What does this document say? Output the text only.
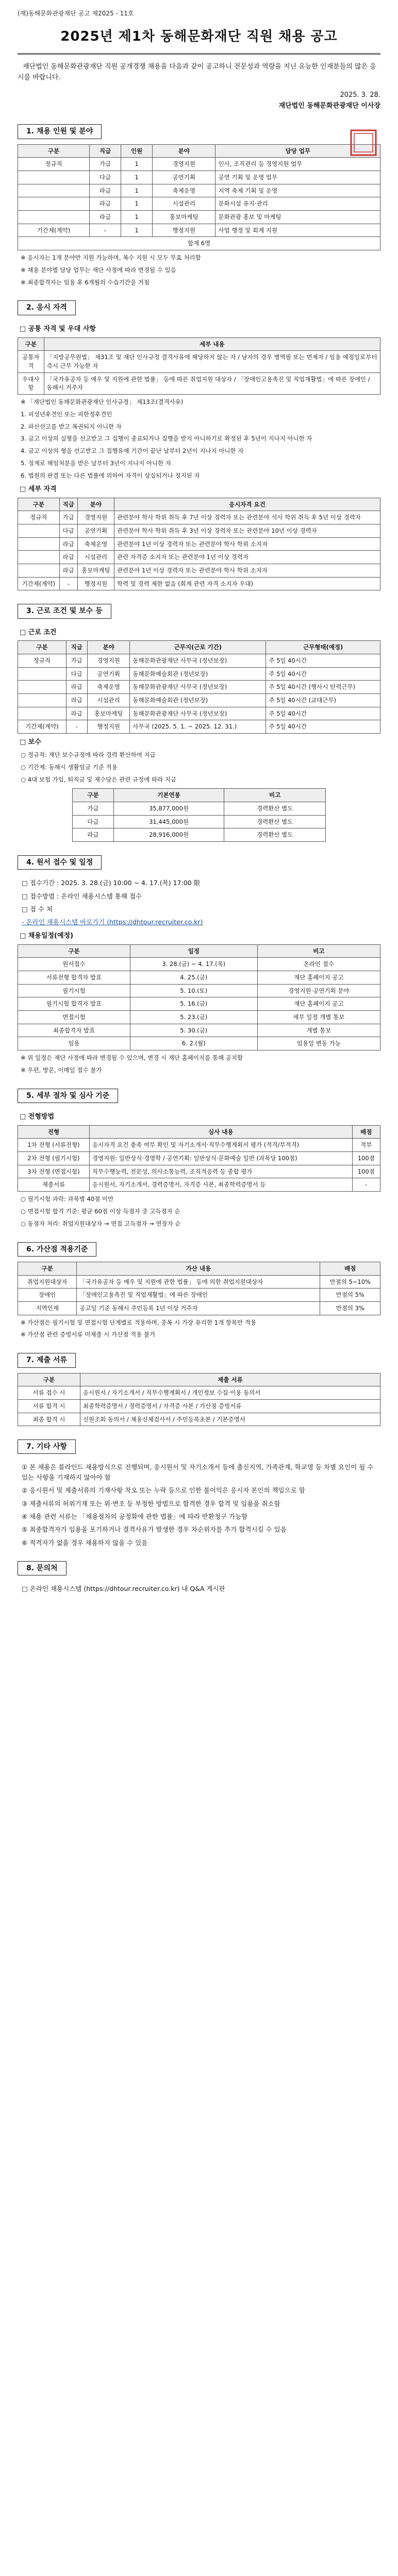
(재)동해문화관광재단 공고 제2025 - 11호
2025년 제1차 동해문화재단 직원 채용 공고
재단법인 동해문화관광재단 직원 공개경쟁 채용을 다음과 같이 공고하니 전문성과 역량을 지닌 유능한 인재분들의 많은 응시를 바랍니다.
2025. 3. 28.
재단법인 동해문화관광재단 이사장
1. 채용 인원 및 분야
구분	직급	인원	분야	담당 업무
정규직	가급	1	경영지원	인사, 조직관리 등 경영지원 업무
	다급	1	공연기획	공연 기획 및 운영 업무
	라급	1	축제운영	지역 축제 기획 및 운영
	라급	1	시설관리	문화시설 유지·관리
	라급	1	홍보마케팅	문화관광 홍보 및 마케팅
기간제(계약)	-	1	행정지원	사업 행정 및 회계 지원
합계 6명				
※ 응시자는 1개 분야만 지원 가능하며, 복수 지원 시 모두 무효 처리함
※ 채용 분야별 담당 업무는 재단 사정에 따라 변경될 수 있음
※ 최종합격자는 임용 후 6개월의 수습기간을 거침
2. 응시 자격
□ 공통 자격 및 우대 사항
구분	세부 내용
공통자격	「지방공무원법」 제31조 및 재단 인사규정 결격사유에 해당하지 않는 자 / 남자의 경우 병역필 또는 면제자 / 임용 예정일로부터 즉시 근무 가능한 자
우대사항	「국가유공자 등 예우 및 지원에 관한 법률」 등에 따른 취업지원 대상자 / 「장애인고용촉진 및 직업재활법」에 따른 장애인 / 동해시 거주자
※ 「재단법인 동해문화관광재단 인사규정」 제13조(결격사유)
1. 피성년후견인 또는 피한정후견인
2. 파산선고를 받고 복권되지 아니한 자
3. 금고 이상의 실형을 선고받고 그 집행이 종료되거나 집행을 받지 아니하기로 확정된 후 5년이 지나지 아니한 자
4. 금고 이상의 형을 선고받고 그 집행유예 기간이 끝난 날부터 2년이 지나지 아니한 자
5. 징계로 해임처분을 받은 날부터 3년이 지나지 아니한 자
6. 법원의 판결 또는 다른 법률에 의하여 자격이 상실되거나 정지된 자
□ 세부 자격
구분	직급	분야	응시자격 요건
정규직	가급	경영지원	관련분야 학사 학위 취득 후 7년 이상 경력자 또는 관련분야 석사 학위 취득 후 5년 이상 경력자
	다급	공연기획	관련분야 학사 학위 취득 후 3년 이상 경력자 또는 관련분야 10년 이상 경력자
	라급	축제운영	관련분야 1년 이상 경력자 또는 관련분야 학사 학위 소지자
	라급	시설관리	관련 자격증 소지자 또는 관련분야 1년 이상 경력자
	라급	홍보마케팅	관련분야 1년 이상 경력자 또는 관련분야 학사 학위 소지자
기간제(계약)	-	행정지원	학력 및 경력 제한 없음 (회계 관련 자격 소지자 우대)
3. 근로 조건 및 보수 등
□ 근로 조건
구분	직급	분야	근무지(근로 기간)	근무형태(예정)
정규직	가급	경영지원	동해문화관광재단 사무국 (정년보장)	주 5일 40시간
	다급	공연기획	동해문화예술회관 (정년보장)	주 5일 40시간
	라급	축제운영	동해문화관광재단 사무국 (정년보장)	주 5일 40시간 (행사시 탄력근무)
	라급	시설관리	동해문화예술회관 (정년보장)	주 5일 40시간 (교대근무)
	라급	홍보마케팅	동해문화관광재단 사무국 (정년보장)	주 5일 40시간
기간제(계약)	-	행정지원	사무국 (2025. 5. 1. ~ 2025. 12. 31.)	주 5일 40시간
□ 보수
○ 정규직: 재단 보수규정에 따라 경력 환산하여 지급
○ 기간제: 동해시 생활임금 기준 적용
○ 4대 보험 가입, 퇴직금 및 제수당은 관련 규정에 따라 지급
구분	기본연봉	비고
가급	35,877,000원	경력환산 별도
다급	31,445,000원	경력환산 별도
라급	28,916,000원	경력환산 별도
4. 원서 접수 및 일정
□ 접수기간 : 2025. 3. 28.(금) 10:00 ~ 4. 17.(목) 17:00 限
□ 접수방법 : 온라인 채용시스템 통해 접수
□ 접 수 처
- 온라인 채용시스템 바로가기 (https://dhtour.recruiter.co.kr)
□ 채용일정(예정)
구분	일정	비고
원서접수	3. 28.(금) ~ 4. 17.(목)	온라인 접수
서류전형 합격자 발표	4. 25.(금)	재단 홈페이지 공고
필기시험	5. 10.(토)	경영지원·공연기획 분야
필기시험 합격자 발표	5. 16.(금)	재단 홈페이지 공고
면접시험	5. 23.(금)	세부 일정 개별 통보
최종합격자 발표	5. 30.(금)	개별 통보
임용	6. 2.(월)	임용일 변동 가능
※ 위 일정은 재단 사정에 따라 변경될 수 있으며, 변경 시 재단 홈페이지를 통해 공지함
※ 우편, 방문, 이메일 접수 불가
5. 세부 절차 및 심사 기준
□ 전형방법
전형	심사 내용	배점
1차 전형 (서류전형)	응시자격 요건 충족 여부 확인 및 자기소개서·직무수행계획서 평가 (적격/부적격)	적부
2차 전형 (필기시험)	경영지원: 일반상식·경영학 / 공연기획: 일반상식·문화예술 일반 (과목당 100점)	100점
3차 전형 (면접시험)	직무수행능력, 전문성, 의사소통능력, 조직적응력 등 종합 평가	100점
제출서류	응시원서, 자기소개서, 경력증명서, 자격증 사본, 최종학력증명서 등	-
○ 필기시험 과락: 과목별 40점 미만
○ 면접시험 합격 기준: 평균 60점 이상 득점자 중 고득점자 순
○ 동점자 처리: 취업지원대상자 → 면접 고득점자 → 연장자 순
6. 가산점 적용기준
구분	가산 내용	배점
취업지원대상자	「국가유공자 등 예우 및 지원에 관한 법률」 등에 의한 취업지원대상자	만점의 5~10%
장애인	「장애인고용촉진 및 직업재활법」에 따른 장애인	만점의 5%
지역인재	공고일 기준 동해시 주민등록 1년 이상 거주자	만점의 3%
※ 가산점은 필기시험 및 면접시험 단계별로 적용하며, 중복 시 가장 유리한 1개 항목만 적용
※ 가산점 관련 증빙서류 미제출 시 가산점 적용 불가
7. 제출 서류
구분	제출 서류
서류 접수 시	응시원서 / 자기소개서 / 직무수행계획서 / 개인정보 수집·이용 동의서
서류 합격 시	최종학력증명서 / 경력증명서 / 자격증 사본 / 가산점 증빙서류
최종 합격 시	신원조회 동의서 / 채용신체검사서 / 주민등록초본 / 기본증명서
7. 기타 사항
① 본 채용은 블라인드 채용방식으로 진행되며, 응시원서 및 자기소개서 등에 출신지역, 가족관계, 학교명 등 차별 요인이 될 수 있는 사항을 기재하지 않아야 함
② 응시원서 및 제출서류의 기재사항 착오 또는 누락 등으로 인한 불이익은 응시자 본인의 책임으로 함
③ 제출서류의 허위기재 또는 위·변조 등 부정한 방법으로 합격한 경우 합격 및 임용을 취소함
④ 채용 관련 서류는 「채용절차의 공정화에 관한 법률」에 따라 반환청구 가능함
⑤ 최종합격자가 임용을 포기하거나 결격사유가 발생한 경우 차순위자를 추가 합격시킬 수 있음
⑥ 적격자가 없을 경우 채용하지 않을 수 있음
8. 문의처
□ 온라인 채용시스템 (https://dhtour.recruiter.co.kr) 내 Q&A 게시판
